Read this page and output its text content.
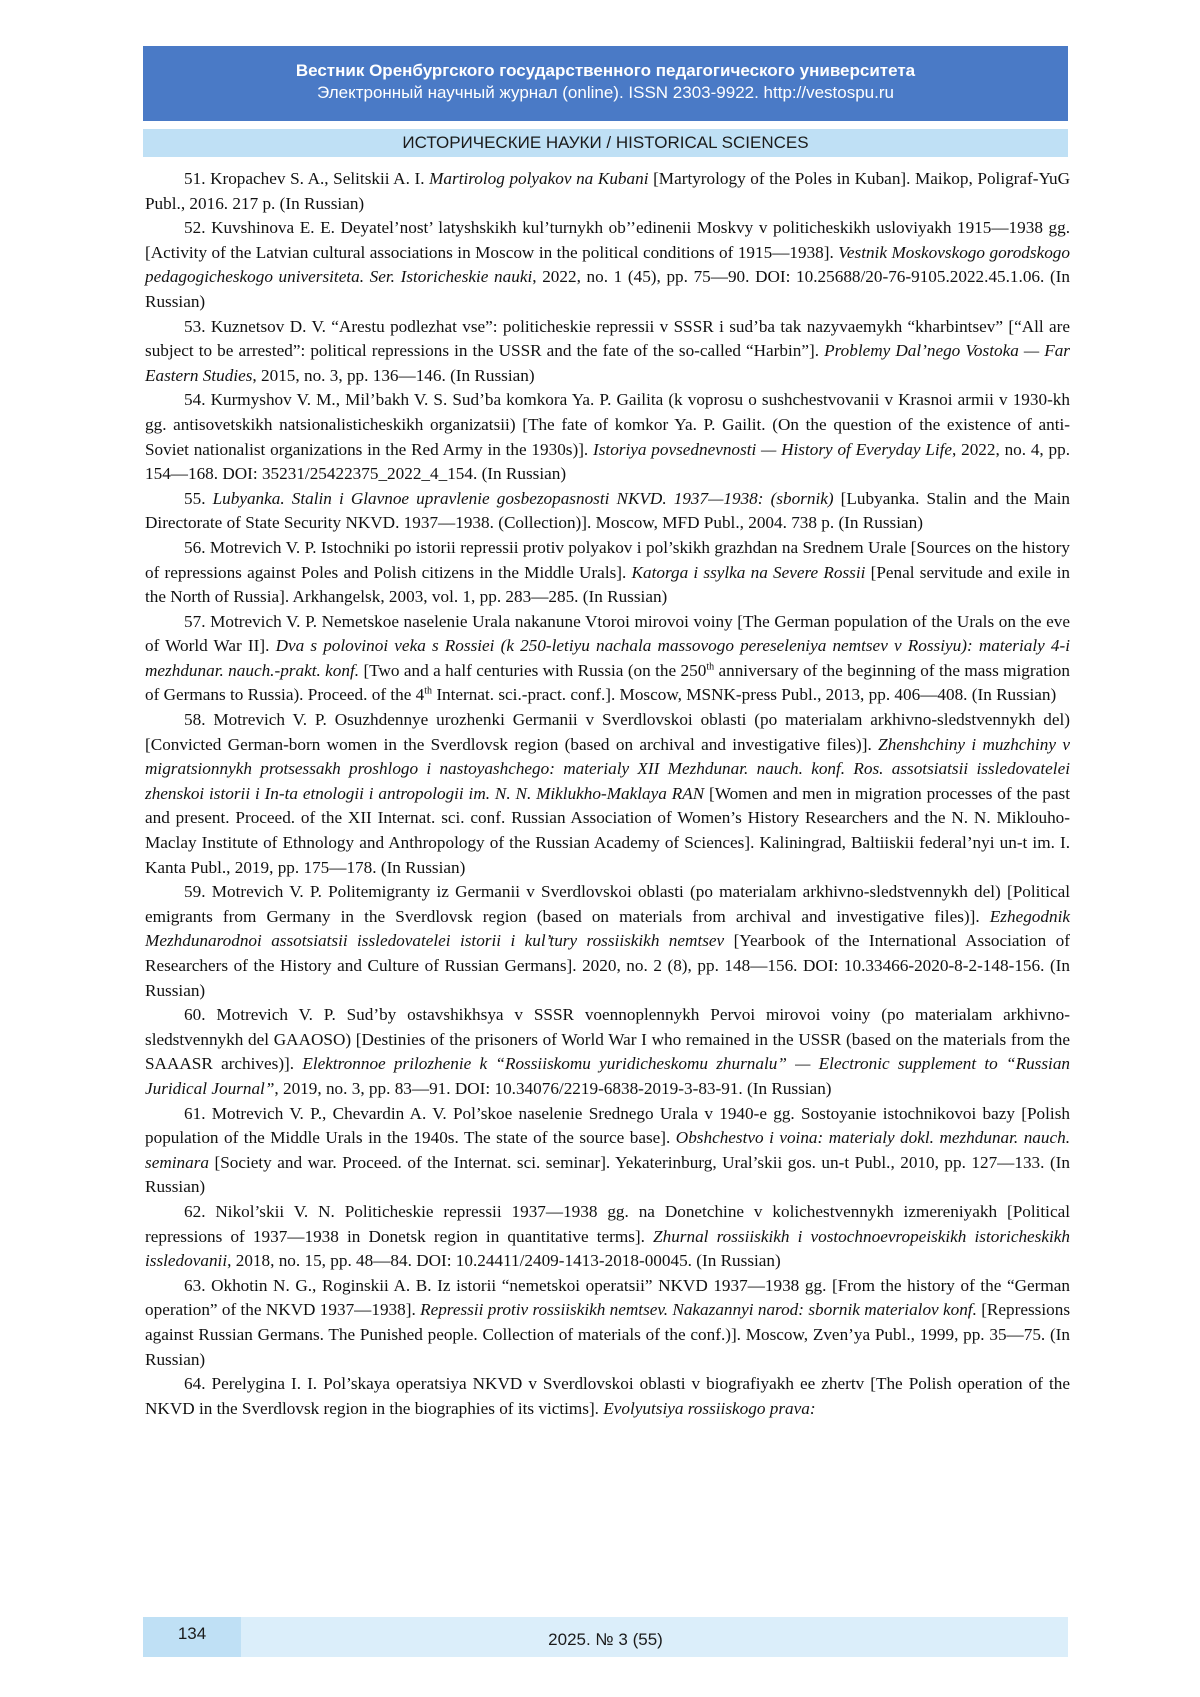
Вестник Оренбургского государственного педагогического университета
Электронный научный журнал (online). ISSN 2303-9922. http://vestospu.ru
ИСТОРИЧЕСКИЕ НАУКИ / HISTORICAL SCIENCES

51. Kropachev S. A., Selitskii A. I. Martirolog polyakov na Kubani [Martyrology of the Poles in Kuban]. Maikop, Poligraf-YuG Publ., 2016. 217 p. (In Russian)

52. Kuvshinova E. E. Deyatel’nost’ latyshskikh kul’turnykh ob’’edinenii Moskvy v politicheskikh usloviyakh 1915—1938 gg. [Activity of the Latvian cultural associations in Moscow in the political conditions of 1915—1938]. Vestnik Moskovskogo gorodskogo pedagogicheskogo universiteta. Ser. Istoricheskie nauki, 2022, no. 1 (45), pp. 75—90. DOI: 10.25688/20-76-9105.2022.45.1.06. (In Russian)

53. Kuznetsov D. V. “Arestu podlezhat vse”: politicheskie repressii v SSSR i sud’ba tak nazyvaemykh “kharbintsev” [“All are subject to be arrested”: political repressions in the USSR and the fate of the so-called “Harbin”]. Problemy Dal’nego Vostoka — Far Eastern Studies, 2015, no. 3, pp. 136—146. (In Russian)

54. Kurmyshov V. M., Mil’bakh V. S. Sud’ba komkora Ya. P. Gailita (k voprosu o sushchestvovanii v Krasnoi armii v 1930-kh gg. antisovetskikh natsionalisticheskikh organizatsii) [The fate of komkor Ya. P. Gailit. (On the question of the existence of anti-Soviet nationalist organizations in the Red Army in the 1930s)]. Istoriya povsednevnosti — History of Everyday Life, 2022, no. 4, pp. 154—168. DOI: 35231/25422375_2022_4_154. (In Russian)

55. Lubyanka. Stalin i Glavnoe upravlenie gosbezopasnosti NKVD. 1937—1938: (sbornik) [Lubyanka. Stalin and the Main Directorate of State Security NKVD. 1937—1938. (Collection)]. Moscow, MFD Publ., 2004. 738 p. (In Russian)

56. Motrevich V. P. Istochniki po istorii repressii protiv polyakov i pol’skikh grazhdan na Srednem Urale [Sources on the history of repressions against Poles and Polish citizens in the Middle Urals]. Katorga i ssylka na Severe Rossii [Penal servitude and exile in the North of Russia]. Arkhangelsk, 2003, vol. 1, pp. 283—285. (In Russian)

57. Motrevich V. P. Nemetskoe naselenie Urala nakanune Vtoroi mirovoi voiny [The German population of the Urals on the eve of World War II]. Dva s polovinoi veka s Rossiei (k 250-letiyu nachala massovogo pereseleniya nemtsev v Rossiyu): materialy 4-i mezhdunar. nauch.-prakt. konf. [Two and a half centuries with Russia (on the 250th anniversary of the beginning of the mass migration of Germans to Russia). Proceed. of the 4th Internat. sci.-pract. conf.]. Moscow, MSNK-press Publ., 2013, pp. 406—408. (In Russian)

58. Motrevich V. P. Osuzhdennye urozhenki Germanii v Sverdlovskoi oblasti (po materialam arkhivno-sledstvennykh del) [Convicted German-born women in the Sverdlovsk region (based on archival and investigative files)]. Zhenshchiny i muzhchiny v migratsionnykh protsessakh proshlogo i nastoyashchego: materialy XII Mezhdunar. nauch. konf. Ros. assotsiatsii issledovatelei zhenskoi istorii i In-ta etnologii i antropologii im. N. N. Miklukho-Maklaya RAN [Women and men in migration processes of the past and present. Proceed. of the XII Internat. sci. conf. Russian Association of Women’s History Researchers and the N. N. Miklouho-Maclay Institute of Ethnology and Anthropology of the Russian Academy of Sciences]. Kaliningrad, Baltiiskii federal’nyi un-t im. I. Kanta Publ., 2019, pp. 175—178. (In Russian)

59. Motrevich V. P. Politemigranty iz Germanii v Sverdlovskoi oblasti (po materialam arkhivno-sledstvennykh del) [Political emigrants from Germany in the Sverdlovsk region (based on materials from archival and investigative files)]. Ezhegodnik Mezhdunarodnoi assotsiatsii issledovatelei istorii i kul’tury rossiiskikh nemtsev [Yearbook of the International Association of Researchers of the History and Culture of Russian Germans]. 2020, no. 2 (8), pp. 148—156. DOI: 10.33466-2020-8-2-148-156. (In Russian)

60. Motrevich V. P. Sud’by ostavshikhsya v SSSR voennoplennykh Pervoi mirovoi voiny (po materialam arkhivno-sledstvennykh del GAAOSO) [Destinies of the prisoners of World War I who remained in the USSR (based on the materials from the SAAASR archives)]. Elektronnoe prilozhenie k “Rossiiskomu yuridicheskomu zhurnalu” — Electronic supplement to “Russian Juridical Journal”, 2019, no. 3, pp. 83—91. DOI: 10.34076/2219-6838-2019-3-83-91. (In Russian)

61. Motrevich V. P., Chevardin A. V. Pol’skoe naselenie Srednego Urala v 1940-e gg. Sostoyanie istochnikovoi bazy [Polish population of the Middle Urals in the 1940s. The state of the source base]. Obshchestvo i voina: materialy dokl. mezhdunar. nauch. seminara [Society and war. Proceed. of the Internat. sci. seminar]. Yekaterinburg, Ural’skii gos. un-t Publ., 2010, pp. 127—133. (In Russian)

62. Nikol’skii V. N. Politicheskie repressii 1937—1938 gg. na Donetchine v kolichestvennykh izmereniyakh [Political repressions of 1937—1938 in Donetsk region in quantitative terms]. Zhurnal rossiiskikh i vostochnoevropeiskikh istoricheskikh issledovanii, 2018, no. 15, pp. 48—84. DOI: 10.24411/2409-1413-2018-00045. (In Russian)

63. Okhotin N. G., Roginskii A. B. Iz istorii “nemetskoi operatsii” NKVD 1937—1938 gg. [From the history of the “German operation” of the NKVD 1937—1938]. Repressii protiv rossiiskikh nemtsev. Nakazannyi narod: sbornik materialov konf. [Repressions against Russian Germans. The Punished people. Collection of materials of the conf.)]. Moscow, Zven’ya Publ., 1999, pp. 35—75. (In Russian)

64. Perelygina I. I. Pol’skaya operatsiya NKVD v Sverdlovskoi oblasti v biografiyakh ee zhertv [The Polish operation of the NKVD in the Sverdlovsk region in the biographies of its victims]. Evolyutsiya rossiiskogo prava:

2025. № 3 (55)
134
